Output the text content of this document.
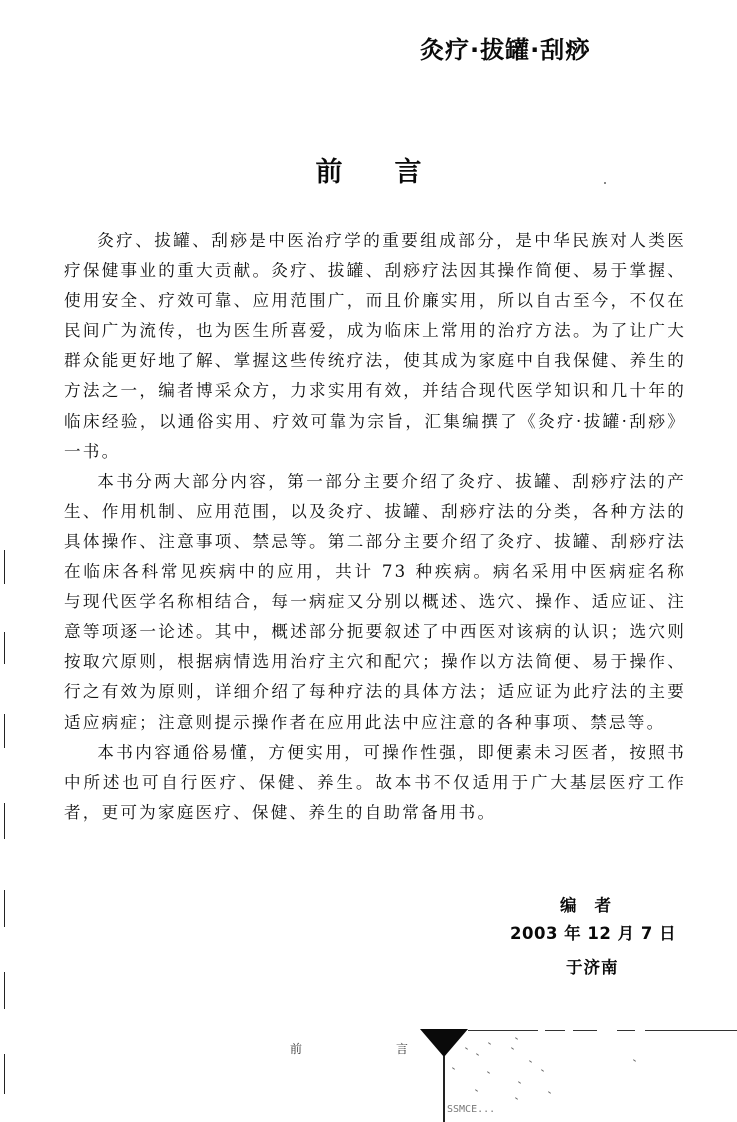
灸疗·拔罐·刮痧
前 言

灸疗、拔罐、刮痧是中医治疗学的重要组成部分，是中华民族对人类医疗保健事业的重大贡献。灸疗、拔罐、刮痧疗法因其操作简便、易于掌握、使用安全、疗效可靠、应用范围广，而且价廉实用，所以自古至今，不仅在民间广为流传，也为医生所喜爱，成为临床上常用的治疗方法。为了让广大群众能更好地了解、掌握这些传统疗法，使其成为家庭中自我保健、养生的方法之一，编者博采众方，力求实用有效，并结合现代医学知识和几十年的临床经验，以通俗实用、疗效可靠为宗旨，汇集编撰了《灸疗·拔罐·刮痧》一书。

本书分两大部分内容，第一部分主要介绍了灸疗、拔罐、刮痧疗法的产生、作用机制、应用范围，以及灸疗、拔罐、刮痧疗法的分类，各种方法的具体操作、注意事项、禁忌等。第二部分主要介绍了灸疗、拔罐、刮痧疗法在临床各科常见疾病中的应用，共计 73 种疾病。病名采用中医病症名称与现代医学名称相结合，每一病症又分别以概述、选穴、操作、适应证、注意等项逐一论述。其中，概述部分扼要叙述了中西医对该病的认识；选穴则按取穴原则，根据病情选用治疗主穴和配穴；操作以方法简便、易于操作、行之有效为原则，详细介绍了每种疗法的具体方法；适应证为此疗法的主要适应病症；注意则提示操作者在应用此法中应注意的各种事项、禁忌等。

本书内容通俗易懂，方便实用，可操作性强，即便素未习医者，按照书中所述也可自行医疗、保健、养生。故本书不仅适用于广大基层医疗工作者，更可为家庭医疗、保健、养生的自助常备用书。

编者
2003 年 12 月 7 日
于济南
前	言
SSMCE...
